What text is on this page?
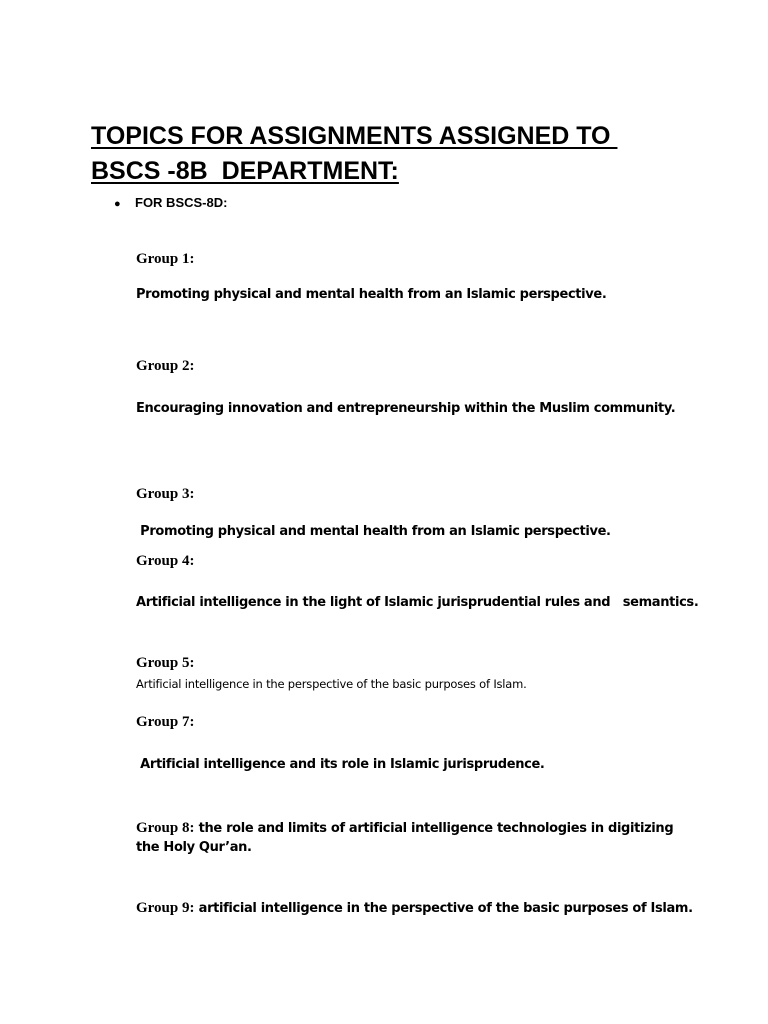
TOPICS FOR ASSIGNMENTS ASSIGNED TO
BSCS -8B  DEPARTMENT:
● FOR BSCS-8D:
Group 1:
Promoting physical and mental health from an Islamic perspective.
Group 2:
Encouraging innovation and entrepreneurship within the Muslim community.
Group 3:
Promoting physical and mental health from an Islamic perspective.
Group 4:
Artificial intelligence in the light of Islamic jurisprudential rules and   semantics.
Group 5:
Artificial intelligence in the perspective of the basic purposes of Islam.
Group 7:
Artificial intelligence and its role in Islamic jurisprudence.
Group 8: the role and limits of artificial intelligence technologies in digitizing the Holy Qur’an.
Group 9: artificial intelligence in the perspective of the basic purposes of Islam.
